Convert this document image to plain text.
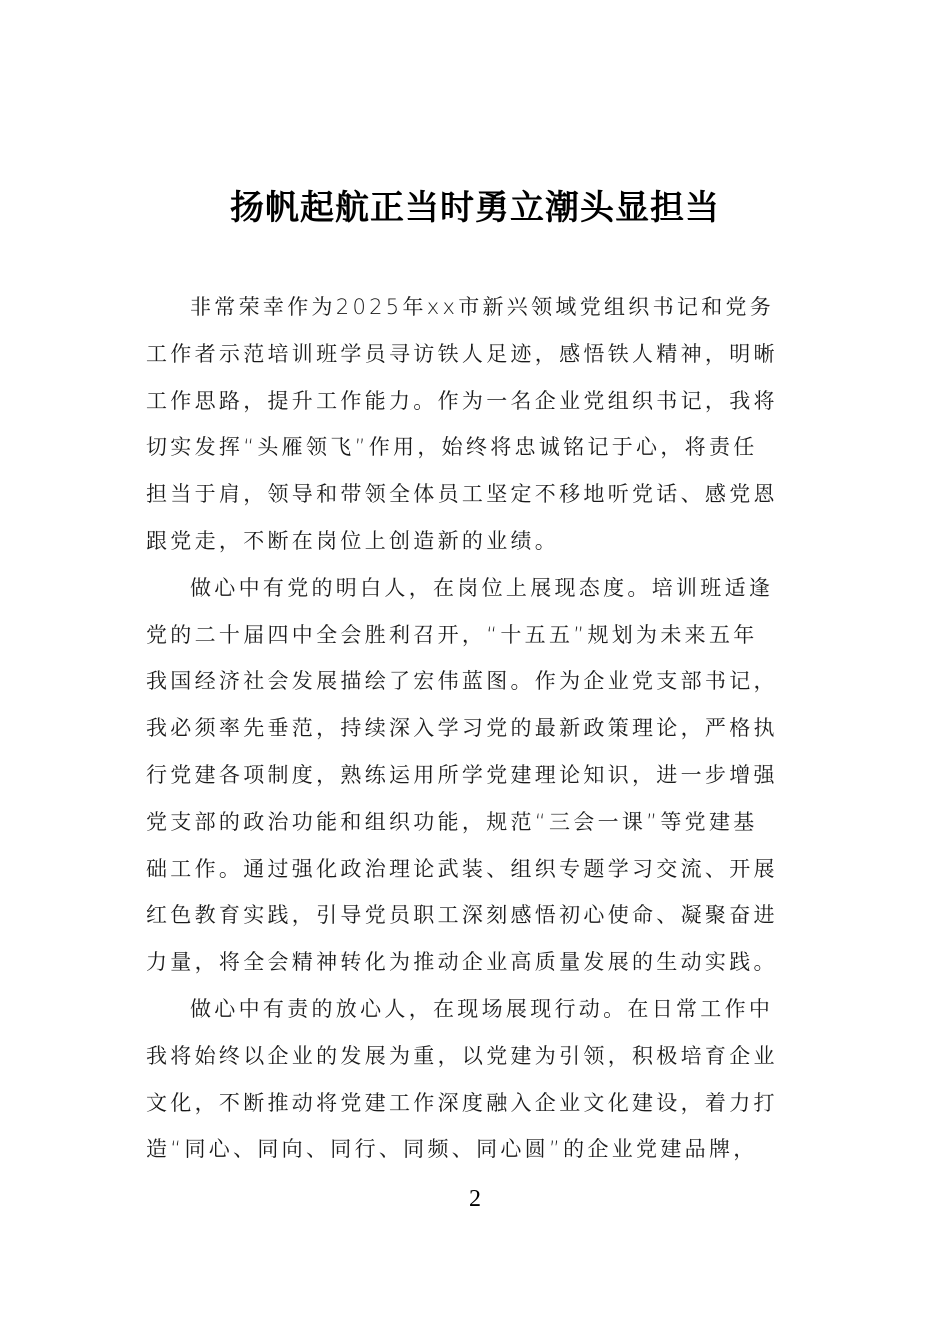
扬帆起航正当时勇立潮头显担当
非常荣幸作为2025年xx市新兴领域党组织书记和党务
工作者示范培训班学员寻访铁人足迹，感悟铁人精神，明晰
工作思路，提升工作能力。作为一名企业党组织书记，我将
切实发挥“头雁领飞”作用，始终将忠诚铭记于心，将责任
担当于肩，领导和带领全体员工坚定不移地听党话、感党恩
跟党走，不断在岗位上创造新的业绩。
做心中有党的明白人，在岗位上展现态度。培训班适逢
党的二十届四中全会胜利召开，“十五五”规划为未来五年
我国经济社会发展描绘了宏伟蓝图。作为企业党支部书记，
我必须率先垂范，持续深入学习党的最新政策理论，严格执
行党建各项制度，熟练运用所学党建理论知识，进一步增强
党支部的政治功能和组织功能，规范“三会一课”等党建基
础工作。通过强化政治理论武装、组织专题学习交流、开展
红色教育实践，引导党员职工深刻感悟初心使命、凝聚奋进
力量，将全会精神转化为推动企业高质量发展的生动实践。
做心中有责的放心人，在现场展现行动。在日常工作中
我将始终以企业的发展为重，以党建为引领，积极培育企业
文化，不断推动将党建工作深度融入企业文化建设，着力打
造“同心、同向、同行、同频、同心圆”的企业党建品牌，
2
